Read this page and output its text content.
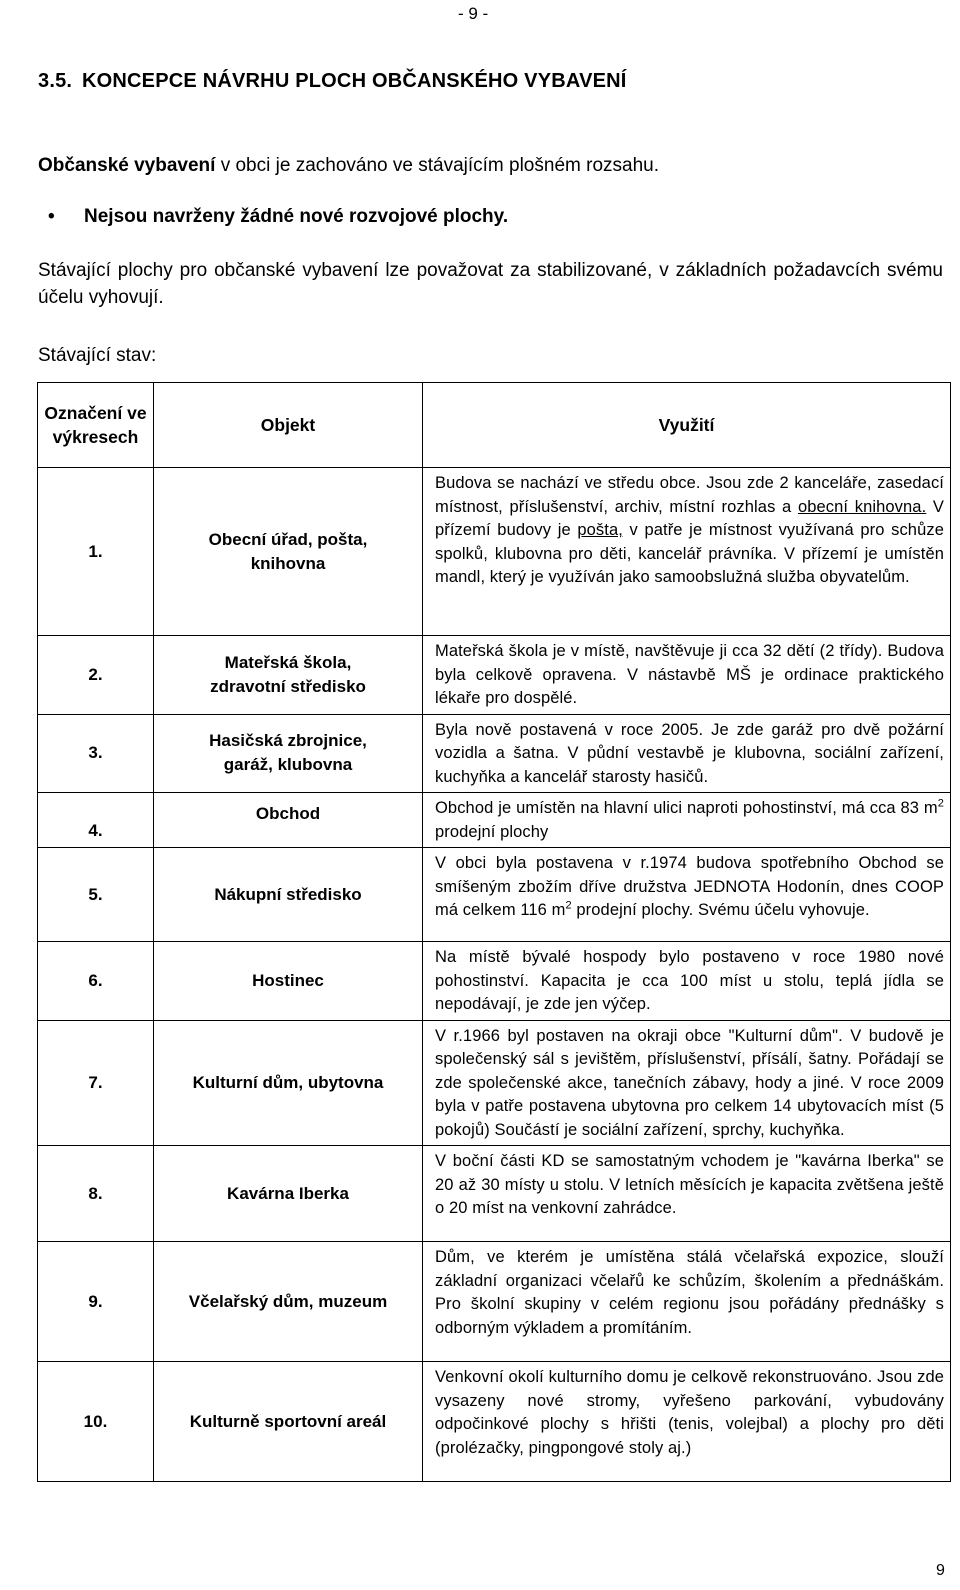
- 9 -
3.5. KONCEPCE NÁVRHU PLOCH OBČANSKÉHO VYBAVENÍ
Občanské vybavení v obci je zachováno ve stávajícím plošném rozsahu.
• Nejsou navrženy žádné nové rozvojové plochy.
Stávající plochy pro občanské vybavení lze považovat za stabilizované, v základních požadavcích svému účelu vyhovují.
Stávající stav:
Označení ve výkresech	Objekt	Využití
1.	Obecní úřad, pošta, knihovna	Budova se nachází ve středu obce. Jsou zde 2 kanceláře, zasedací místnost, příslušenství, archiv, místní rozhlas a obecní knihovna. V přízemí budovy je pošta, v patře je místnost využívaná pro schůze spolků, klubovna pro děti, kancelář právníka. V přízemí je umístěn mandl, který je využíván jako samoobslužná služba obyvatelům.
2.	Mateřská škola, zdravotní středisko	Mateřská škola je v místě, navštěvuje ji cca 32 dětí (2 třídy). Budova byla celkově opravena. V nástavbě MŠ je ordinace praktického lékaře pro dospělé.
3.	Hasičská zbrojnice, garáž, klubovna	Byla nově postavená v roce 2005. Je zde garáž pro dvě požární vozidla a šatna. V půdní vestavbě je klubovna, sociální zařízení, kuchyňka a kancelář starosty hasičů.
4.	Obchod	Obchod je umístěn na hlavní ulici naproti pohostinství, má cca 83 $m^2$ prodejní plochy
5.	Nákupní středisko	V obci byla postavena v r.1974 budova spotřebního Obchod se smíšeným zbožím dříve družstva JEDNOTA Hodonín, dnes COOP má celkem 116 $m^2$ prodejní plochy. Svému účelu vyhovuje.
6.	Hostinec	Na místě bývalé hospody bylo postaveno v roce 1980 nové pohostinství. Kapacita je cca 100 míst u stolu, teplá jídla se nepodávají, je zde jen výčep.
7.	Kulturní dům, ubytovna	V r.1966 byl postaven na okraji obce "Kulturní dům". V budově je společenský sál s jevištěm, příslušenství, přísálí, šatny. Pořádají se zde společenské akce, tanečních zábavy, hody a jiné. V roce 2009 byla v patře postavena ubytovna pro celkem 14 ubytovacích míst (5 pokojů) Součástí je sociální zařízení, sprchy, kuchyňka.
8.	Kavárna Iberka	V boční části KD se samostatným vchodem je "kavárna Iberka" se 20 až 30 místy u stolu. V letních měsících je kapacita zvětšena ještě o 20 míst na venkovní zahrádce.
9.	Včelařský dům, muzeum	Dům, ve kterém je umístěna stálá včelařská expozice, slouží základní organizaci včelařů ke schůzím, školením a přednáškám. Pro školní skupiny v celém regionu jsou pořádány přednášky s odborným výkladem a promítáním.
10.	Kulturně sportovní areál	Venkovní okolí kulturního domu je celkově rekonstruováno. Jsou zde vysazeny nové stromy, vyřešeno parkování, vybudovány odpočinkové plochy s hřišti (tenis, volejbal) a plochy pro děti (prolézačky, pingpongové stoly aj.)
9
